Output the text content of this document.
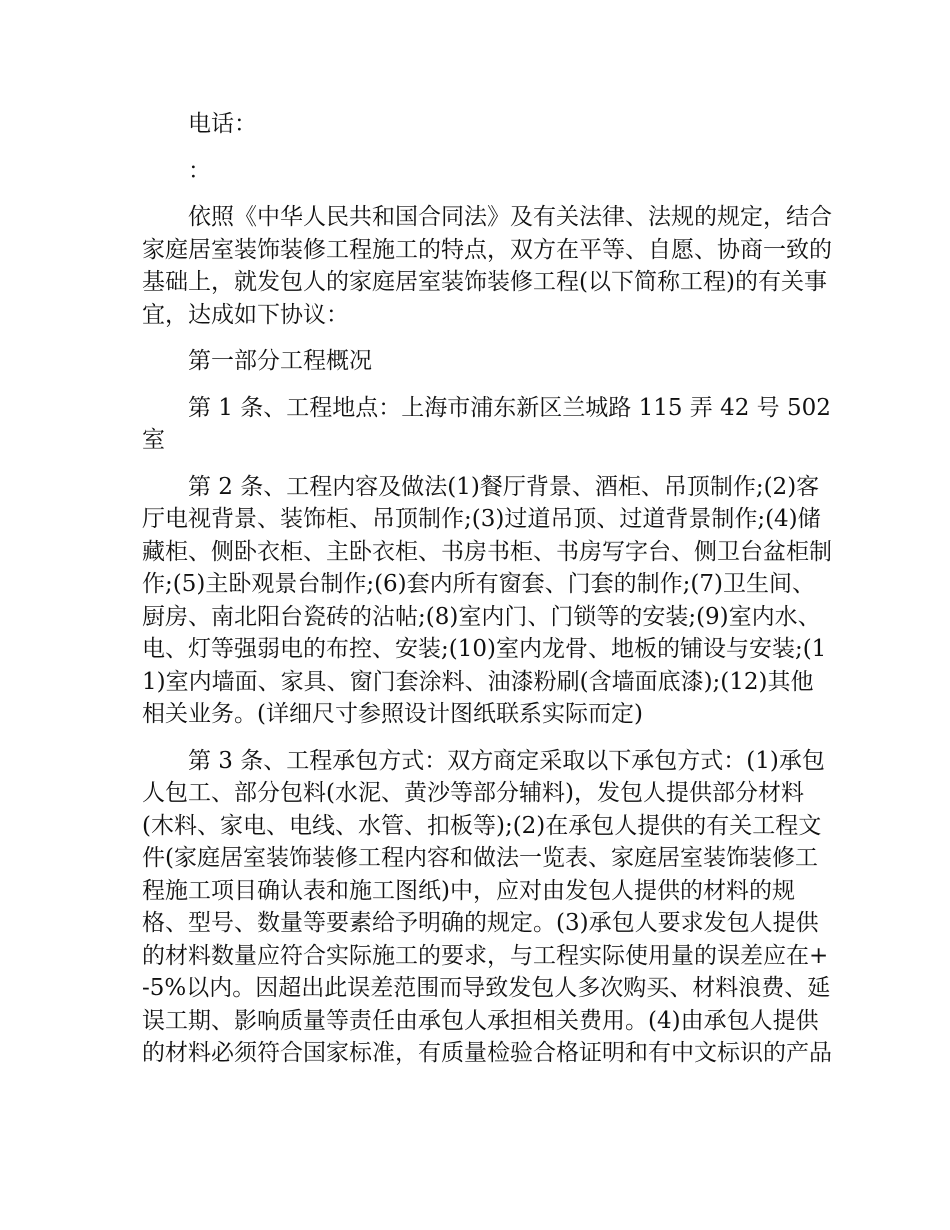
电话：

：

依照《中华人民共和国合同法》及有关法律、法规的规定，结合家庭居室装饰装修工程施工的特点，双方在平等、自愿、协商一致的基础上，就发包人的家庭居室装饰装修工程(以下简称工程)的有关事宜，达成如下协议：

第一部分工程概况

第 1 条、工程地点：上海市浦东新区兰城路 115 弄 42 号 502 室

第 2 条、工程内容及做法(1)餐厅背景、酒柜、吊顶制作;(2)客厅电视背景、装饰柜、吊顶制作;(3)过道吊顶、过道背景制作;(4)储藏柜、侧卧衣柜、主卧衣柜、书房书柜、书房写字台、侧卫台盆柜制作;(5)主卧观景台制作;(6)套内所有窗套、门套的制作;(7)卫生间、厨房、南北阳台瓷砖的沾帖;(8)室内门、门锁等的安装;(9)室内水、电、灯等强弱电的布控、安装;(10)室内龙骨、地板的铺设与安装;(11)室内墙面、家具、窗门套涂料、油漆粉刷(含墙面底漆);(12)其他相关业务。(详细尺寸参照设计图纸联系实际而定)

第 3 条、工程承包方式：双方商定采取以下承包方式：(1)承包人包工、部分包料(水泥、黄沙等部分辅料)，发包人提供部分材料(木料、家电、电线、水管、扣板等);(2)在承包人提供的有关工程文件(家庭居室装饰装修工程内容和做法一览表、家庭居室装饰装修工程施工项目确认表和施工图纸)中，应对由发包人提供的材料的规格、型号、数量等要素给予明确的规定。(3)承包人要求发包人提供的材料数量应符合实际施工的要求，与工程实际使用量的误差应在+-5%以内。因超出此误差范围而导致发包人多次购买、材料浪费、延误工期、影响质量等责任由承包人承担相关费用。(4)由承包人提供的材料必须符合国家标准，有质量检验合格证明和有中文标识的产品
